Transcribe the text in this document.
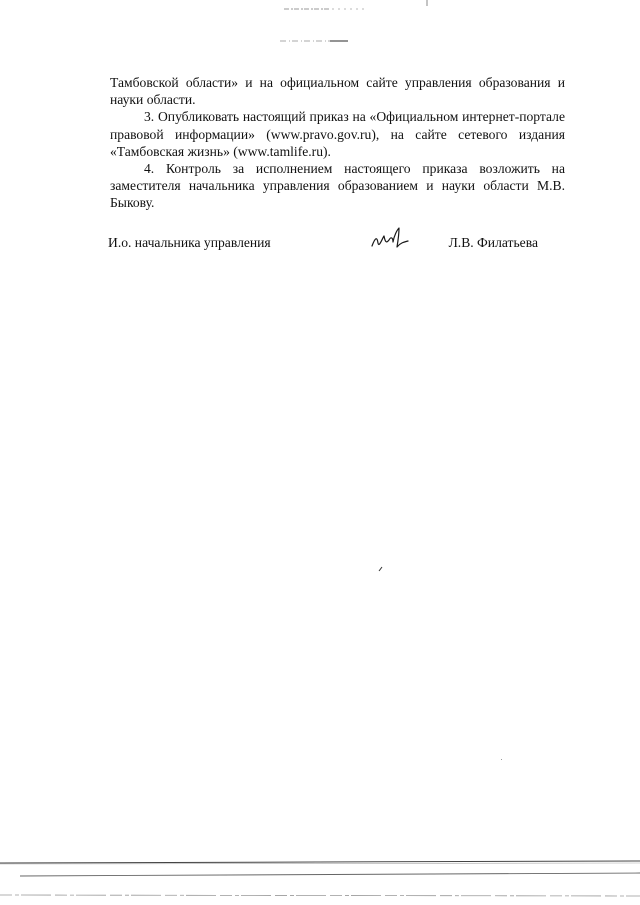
Тамбовской области» и на официальном сайте управления образования и науки области.

3. Опубликовать настоящий приказ на «Официальном интернет-портале правовой информации» (www.pravo.gov.ru), на сайте сетевого издания «Тамбовская жизнь» (www.tamlife.ru).

4. Контроль за исполнением настоящего приказа возложить на заместителя начальника управления образованием и науки области М.В. Быкову.

И.о. начальника управления	Л.В. Филатьева
